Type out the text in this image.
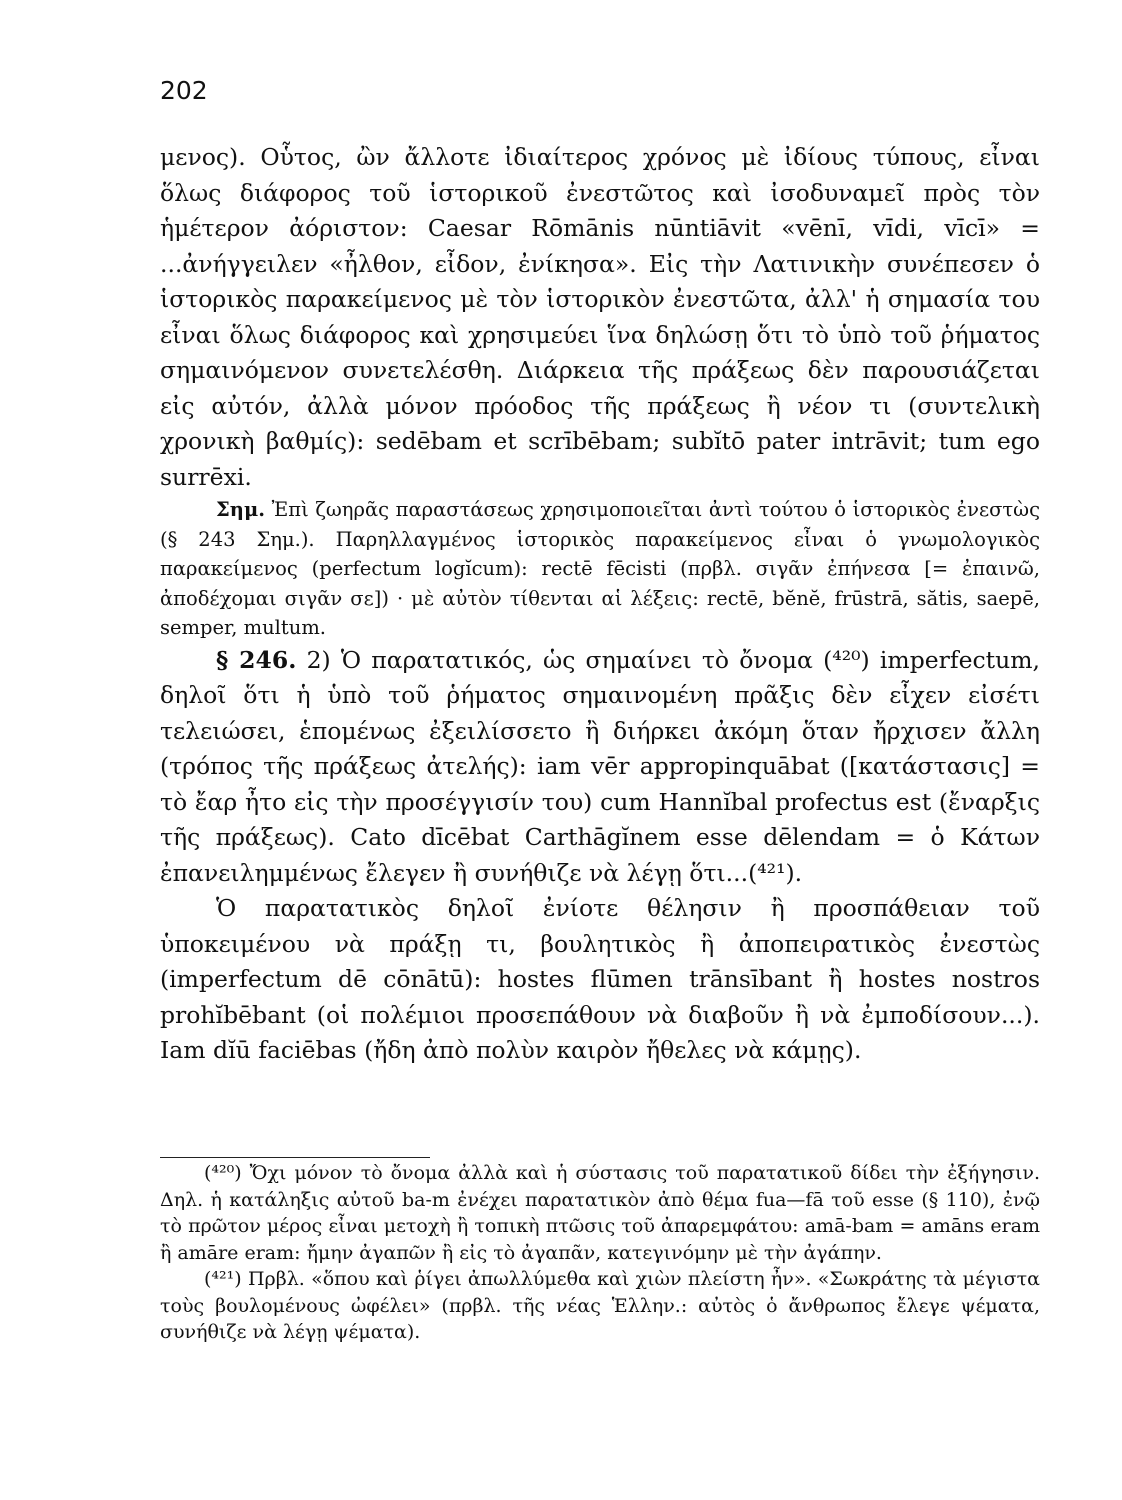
202

μενος). Οὗτος, ὢν ἄλλοτε ἰδιαίτερος χρόνος μὲ ἰδίους τύπους, εἶναι ὅλως διάφορος τοῦ ἱστορικοῦ ἐνεστῶτος καὶ ἰσοδυναμεῖ πρὸς τὸν ἡμέτερον ἀόριστον: Caesar Rōmānis nūntiāvit «vēnī, vīdi, vīcī» = ...ἀνήγγειλεν «ἦλθον, εἶδον, ἐνίκησα». Εἰς τὴν Λατινικὴν συνέπεσεν ὁ ἱστορικὸς παρακείμενος μὲ τὸν ἱστορικὸν ἐνεστῶτα, ἀλλ' ἡ σημασία του εἶναι ὅλως διάφορος καὶ χρησιμεύει ἵνα δηλώσῃ ὅτι τὸ ὑπὸ τοῦ ῥήματος σημαινόμενον συνετελέσθη. Διάρκεια τῆς πράξεως δὲν παρουσιάζεται εἰς αὐτόν, ἀλλὰ μόνον πρόοδος τῆς πράξεως ἢ νέον τι (συντελικὴ χρονικὴ βαθμίς): sedēbam et scrībēbam; subĭtō pater intrāvit; tum ego surrēxi.

Σημ. Ἐπὶ ζωηρᾶς παραστάσεως χρησιμοποιεῖται ἀντὶ τούτου ὁ ἱστορικὸς ἐνεστὼς (§ 243 Σημ.). Παρηλλαγμένος ἱστορικὸς παρακείμενος εἶναι ὁ γνωμολογικὸς παρακείμενος (perfectum logĭcum): rectē fēcisti (πρβλ. σιγᾶν ἐπήνεσα [= ἐπαινῶ, ἀποδέχομαι σιγᾶν σε]) · μὲ αὐτὸν τίθενται αἱ λέξεις: rectē, bĕnĕ, frūstrā, sătis, saepē, semper, multum.

§ 246. 2) Ὁ παρατατικός, ὡς σημαίνει τὸ ὄνομα (⁴²⁰) imperfectum, δηλοῖ ὅτι ἡ ὑπὸ τοῦ ῥήματος σημαινομένη πρᾶξις δὲν εἶχεν εἰσέτι τελειώσει, ἑπομένως ἐξειλίσσετο ἢ διήρκει ἀκόμη ὅταν ἤρχισεν ἄλλη (τρόπος τῆς πράξεως ἀτελής): iam vēr appropinquābat ([κατάστασις] = τὸ ἔαρ ἦτο εἰς τὴν προσέγγισίν του) cum Hannĭbal profectus est (ἔναρξις τῆς πράξεως). Cato dīcēbat Carthāgĭnem esse dēlendam = ὁ Κάτων ἐπανειλημμένως ἔλεγεν ἢ συνήθιζε νὰ λέγῃ ὅτι...(⁴²¹).

Ὁ παρατατικὸς δηλοῖ ἐνίοτε θέλησιν ἢ προσπάθειαν τοῦ ὑποκειμένου νὰ πράξῃ τι, βουλητικὸς ἢ ἀποπειρατικὸς ἐνεστὼς (imperfectum dē cōnātū): hostes flūmen trānsībant ἢ hostes nostros prohĭbēbant (οἱ πολέμιοι προσεπάθουν νὰ διαβοῦν ἢ νὰ ἐμποδίσουν...). Iam dĭū faciēbas (ἤδη ἀπὸ πολὺν καιρὸν ἤθελες νὰ κάμῃς).

(⁴²⁰) Ὄχι μόνον τὸ ὄνομα ἀλλὰ καὶ ἡ σύστασις τοῦ παρατατικοῦ δίδει τὴν ἐξήγησιν. Δηλ. ἡ κατάληξις αὐτοῦ ba-m ἐνέχει παρατατικὸν ἀπὸ θέμα fua—fā τοῦ esse (§ 110), ἐνῷ τὸ πρῶτον μέρος εἶναι μετοχὴ ἢ τοπικὴ πτῶσις τοῦ ἀπαρεμφάτου: amā-bam = amāns eram ἢ amāre eram: ἤμην ἀγαπῶν ἢ εἰς τὸ ἀγαπᾶν, κατεγινόμην μὲ τὴν ἀγάπην.

(⁴²¹) Πρβλ. «ὅπου καὶ ῥίγει ἀπωλλύμεθα καὶ χιὼν πλείστη ἦν». «Σωκράτης τὰ μέγιστα τοὺς βουλομένους ὠφέλει» (πρβλ. τῆς νέας Ἑλλην.: αὐτὸς ὁ ἄνθρωπος ἔλεγε ψέματα, συνήθιζε νὰ λέγῃ ψέματα).
